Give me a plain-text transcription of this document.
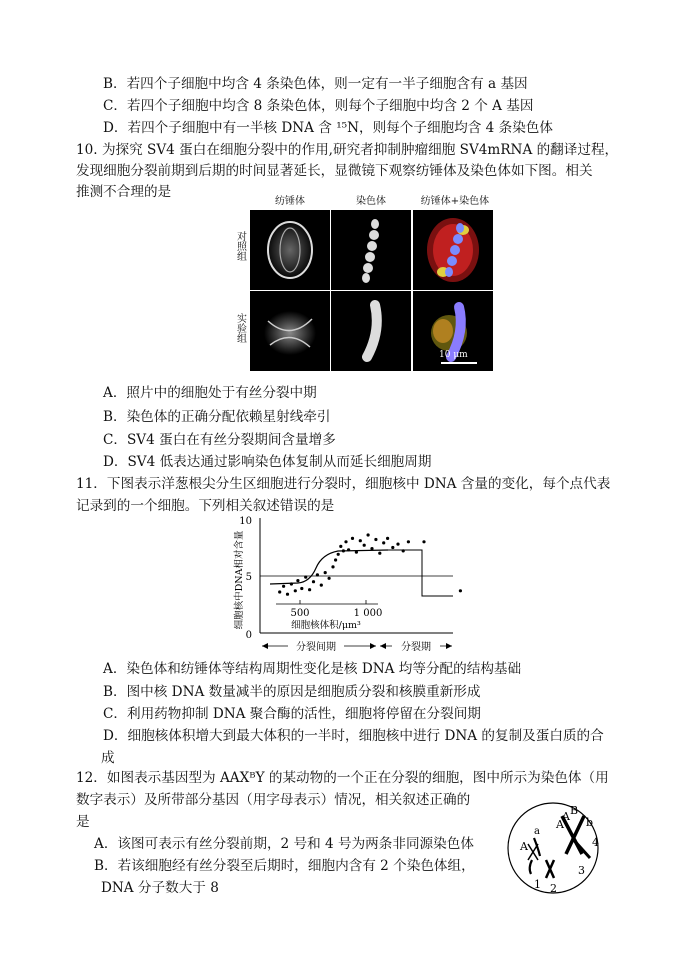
B．若四个子细胞中均含 4 条染色体，则一定有一半子细胞含有 a 基因
C．若四个子细胞中均含 8 条染色体，则每个子细胞中均含 2 个 A 基因
D．若四个子细胞中有一半核 DNA 含 ¹⁵N，则每个子细胞均含 4 条染色体
10. 为探究 SV4 蛋白在细胞分裂中的作用,研究者抑制肿瘤细胞 SV4mRNA 的翻译过程，
发现细胞分裂前期到后期的时间显著延长，显微镜下观察纺锤体及染色体如下图。相关
推测不合理的是
纺锤体	染色体	纺锤体+染色体
对照组
实验组
10 μm
A．照片中的细胞处于有丝分裂中期
B．染色体的正确分配依赖星射线牵引
C．SV4 蛋白在有丝分裂期间含量增多
D．SV4 低表达通过影响染色体复制从而延长细胞周期
11．下图表示洋葱根尖分生区细胞进行分裂时，细胞核中 DNA 含量的变化，每个点代表
记录到的一个细胞。下列相关叙述错误的是
10
5
0
细胞核中DNA相对含量	500	1 000
细胞核体积/μm³
分裂间期	分裂期
A．染色体和纺锤体等结构周期性变化是核 DNA 均等分配的结构基础
B．图中核 DNA 数量减半的原因是细胞质分裂和核膜重新形成
C．利用药物抑制 DNA 聚合酶的活性，细胞将停留在分裂间期
D．细胞核体积增大到最大体积的一半时，细胞核中进行 DNA 的复制及蛋白质的合
成
12．如图表示基因型为 AAXᴮY 的某动物的一个正在分裂的细胞，图中所示为染色体（用
数字表示）及所带部分基因（用字母表示）情况，相关叙述正确的
是
A．该图可表示有丝分裂前期，2 号和 4 号为两条非同源染色体
B．若该细胞经有丝分裂至后期时，细胞内含有 2 个染色体组，
DNA 分子数大于 8
A
a
A
A B
b
1 2
3
4
